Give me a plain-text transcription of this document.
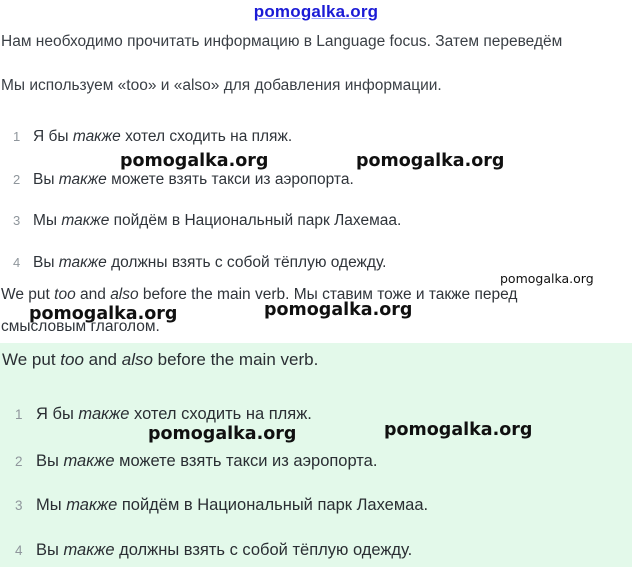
pomogalka.org
Нам необходимо прочитать информацию в Language focus. Затем переведём
Мы используем «too» и «also» для добавления информации.
1 Я бы также хотел сходить на пляж.
2 Вы также можете взять такси из аэропорта.
3 Мы также пойдём в Национальный парк Лахемаа.
4 Вы также должны взять с собой тёплую одежду.
We put too and also before the main verb. Мы ставим тоже и также перед
смысловым глаголом.
We put too and also before the main verb.
1 Я бы также хотел сходить на пляж.
2 Вы также можете взять такси из аэропорта.
3 Мы также пойдём в Национальный парк Лахемаа.
4 Вы также должны взять с собой тёплую одежду.
pomogalka.org	pomogalka.org
pomogalka.org
pomogalka.org	pomogalka.org
pomogalka.org	pomogalka.org
